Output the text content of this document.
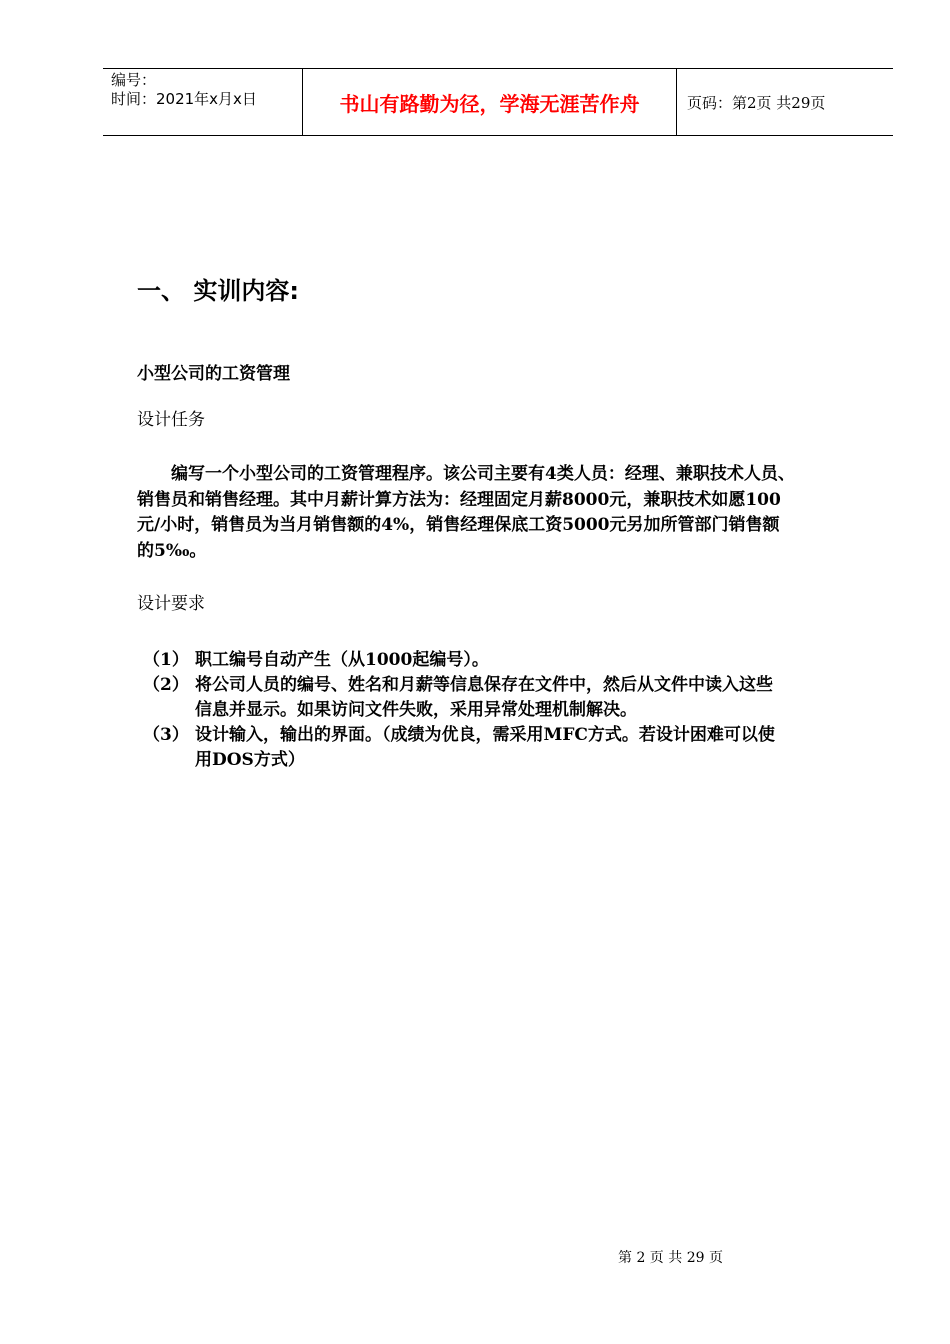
编号：
时间：2021年x月x日	书山有路勤为径，学海无涯苦作舟	页码：第2页 共29页
一、 实训内容:
小型公司的工资管理
设计任务
编写一个小型公司的工资管理程序。该公司主要有4类人员：经理、兼职技术人员、
销售员和销售经理。其中月薪计算方法为：经理固定月薪8000元，兼职技术如愿100
元/小时，销售员为当月销售额的4%，销售经理保底工资5000元另加所管部门销售额
的5‰。
设计要求
（1） 职工编号自动产生（从1000起编号）。
（2） 将公司人员的编号、姓名和月薪等信息保存在文件中，然后从文件中读入这些
信息并显示。如果访问文件失败，采用异常处理机制解决。
（3） 设计输入，输出的界面。（成绩为优良，需采用MFC方式。若设计困难可以使
用DOS方式）
第 2 页 共 29 页
